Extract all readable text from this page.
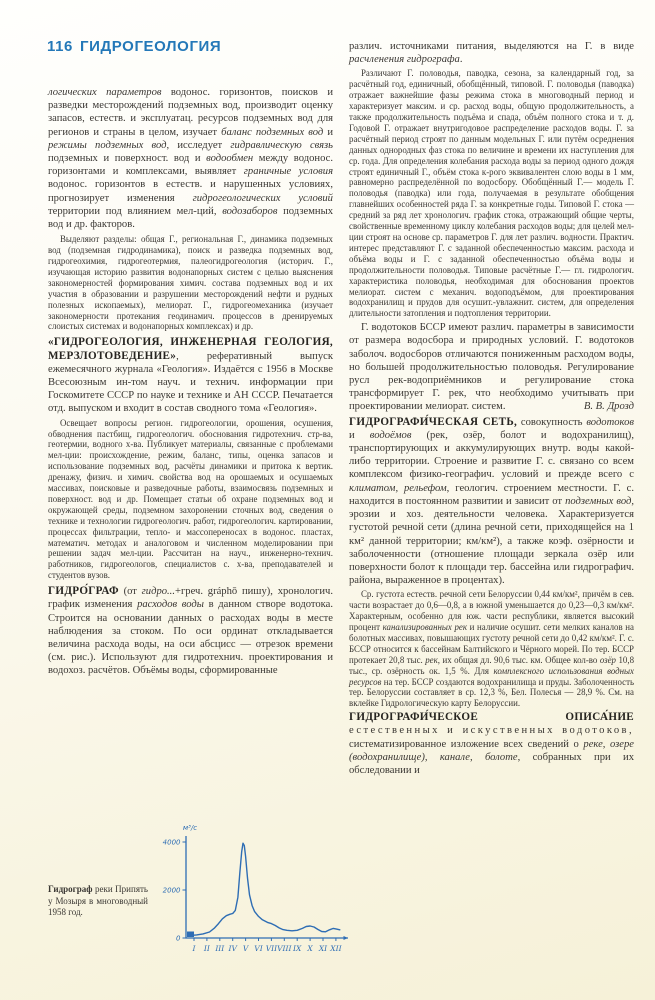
116 ГИДРОГЕОЛОГИЯ

логических параметров водонос. горизонтов, поисков и разведки месторождений подземных вод, производит оценку запасов, естеств. и эксплуатац. ресурсов подземных вод для регионов и страны в целом, изучает баланс подземных вод и режимы подземных вод, исследует гидравлическую связь подземных и поверхност. вод и водообмен между водонос. горизонтами и комплексами, выявляет граничные условия водонос. горизонтов в естеств. и нарушенных условиях, прогнозирует изменения гидрогеологических условий территории под влиянием мел-ций, водозаборов подземных вод и др. факторов.

Выделяют разделы: общая Г., региональная Г., динамика подземных вод (подземная гидродинамика), поиск и разведка подземных вод, гидрогеохимия, гидрогеотермия, палеогидрогеология (историч. Г., изучающая историю развития водонапорных систем с целью выяснения закономерностей формирования химич. состава подземных вод и их участия в образовании и разрушении месторождений нефти и рудных полезных ископаемых), мелиорат. Г., гидрогеомеханика (изучает закономерности протекания геодинамич. процессов в дренируемых слоистых системах и водонапорных комплексах) и др.

«ГИДРОГЕОЛОГИЯ, ИНЖЕНЕРНАЯ ГЕОЛОГИЯ, МЕРЗЛОТОВЕДЕНИЕ», реферативный выпуск ежемесячного журнала «Геология». Издаётся с 1956 в Москве Всесоюзным ин-том науч. и технич. информации при Госкомитете СССР по науке и технике и АН СССР. Печатается отд. выпуском и входит в состав сводного тома «Геология».

Освещает вопросы регион. гидрогеологии, орошения, осушения, обводнения пастбищ, гидрогеологич. обоснования гидротехнич. стр-ва, геотермии, водного х-ва. Публикует материалы, связанные с проблемами мел-ции: происхождение, режим, баланс, типы, оценка запасов и использование подземных вод, расчёты динамики и притока к вертик. дренажу, физич. и химич. свойства вод на орошаемых и осушаемых массивах, поисковые и разведочные работы, взаимосвязь подземных и поверхност. вод и др. Помещает статьи об охране подземных вод и окружающей среды, подземном захоронении сточных вод, сведения о технике и технологии гидрогеологич. работ, гидрогеологич. картировании, процессах фильтрации, тепло- и массопереносах в водонос. пластах, математич. методах и аналоговом и численном моделировании при решении задач мел-ции. Рассчитан на науч., инженерно-технич. работников, гидрогеологов, специалистов с. х-ва, преподавателей и студентов вузов.

ГИДРО́ГРАФ (от гидро...+греч. gráphō пишу), хронологич. график изменения расходов воды в данном створе водотока. Строится на основании данных о расходах воды в месте наблюдения за стоком. По оси ординат откладывается величина расхода воды, на оси абсцисс — отрезок времени (см. рис.). Используют для гидротехнич. проектирования и водохоз. расчётов. Объёмы воды, сформированные

различ. источниками питания, выделяются на Г. в виде расчленения гидрографа.

Различают Г. половодья, паводка, сезона, за календарный год, за расчётный год, единичный, обобщённый, типовой. Г. половодья (паводка) отражает важнейшие фазы режима стока в многоводный период и характеризует максим. и ср. расход воды, общую продолжительность, а также продолжительность подъёма и спада, объём полного стока и т. д. Годовой Г. отражает внутригодовое распределение расходов воды. Г. за расчётный период строят по данным модельных Г. или путём осреднения данных однородных фаз стока по величине и времени их наступления для ср. года. Для определения колебания расхода воды за период одного дождя строят единичный Г., объём стока к-рого эквивалентен слою воды в 1 мм, равномерно распределённой по водосбору. Обобщённый Г.— модель Г. половодья (паводка) или года, получаемая в результате обобщения главнейших особенностей ряда Г. за конкретные годы. Типовой Г. стока — средний за ряд лет хронологич. график стока, отражающий общие черты, свойственные временному циклу колебания расходов воды; для целей мел-ции строят на основе ср. параметров Г. для лет различ. водности. Практич. интерес представляют Г. с заданной обеспеченностью максим. расхода и объёма воды и Г. с заданной обеспеченностью объёма воды и продолжительности половодья. Типовые расчётные Г.— гл. гидрологич. характеристика половодья, необходимая для обоснования проектов мелиорат. систем с механич. водоподъёмом, для проектирования водохранилищ и прудов для осушит.-увлажнит. систем, для определения длительности затопления и подтопления территории.

Г. водотоков БССР имеют различ. параметры в зависимости от размера водосбора и природных условий. Г. водотоков заболоч. водосборов отличаются пониженным расходом воды, но большей продолжительностью половодья. Регулирование русл рек-водоприёмников и регулирование стока трансформирует Г. рек, что необходимо учитывать при проектировании мелиорат. систем.	В. В. Дрозд

ГИДРОГРАФИ́ЧЕСКАЯ СЕТЬ, совокупность водотоков и водоёмов (рек, озёр, болот и водохранилищ), транспортирующих и аккумулирующих внутр. воды какой-либо территории. Строение и развитие Г. с. связано со всем комплексом физико-географич. условий и прежде всего с климатом, рельефом, геологич. строением местности. Г. с. находится в постоянном развитии и зависит от подземных вод, эрозии и хоз. деятельности человека. Характеризуется густотой речной сети (длина речной сети, приходящейся на 1 км² данной территории; км/км²), а также коэф. озёрности и заболоченности (отношение площади зеркала озёр или поверхности болот к площади тер. бассейна или гидрографич. района, выраженное в процентах).

Ср. густота естеств. речной сети Белоруссии 0,44 км/км², причём в сев. части возрастает до 0,6—0,8, а в южной уменьшается до 0,23—0,3 км/км². Характерным, особенно для юж. части республики, является высокий процент канализированных рек и наличие осушит. сети мелких каналов на болотных массивах, повышающих густоту речной сети до 0,42 км/км². Г. с. БССР относится к бассейнам Балтийского и Чёрного морей. По тер. БССР протекает 20,8 тыс. рек, их общая дл. 90,6 тыс. км. Общее кол-во озёр 10,8 тыс., ср. озёрность ок. 1,5 %. Для комплексного использования водных ресурсов на тер. БССР создаются водохранилища и пруды. Заболоченность тер. Белоруссии составляет в ср. 12,3 %, Бел. Полесья — 28,9 %. См. на вклейке Гидрологическую карту Белоруссии.

ГИДРОГРАФИ́ЧЕСКОЕ ОПИСА́НИЕ естественных и искуственных водотоков, систематизированное изложение всех сведений о реке, озере (водохранилище), канале, болоте, собранных при их обследовании и

Гидрограф реки Припять у Мозыря в многоводный 1958 год.
0
2000
4000
м³/с
I II III IV V VI VII VIII IX X XI XII
